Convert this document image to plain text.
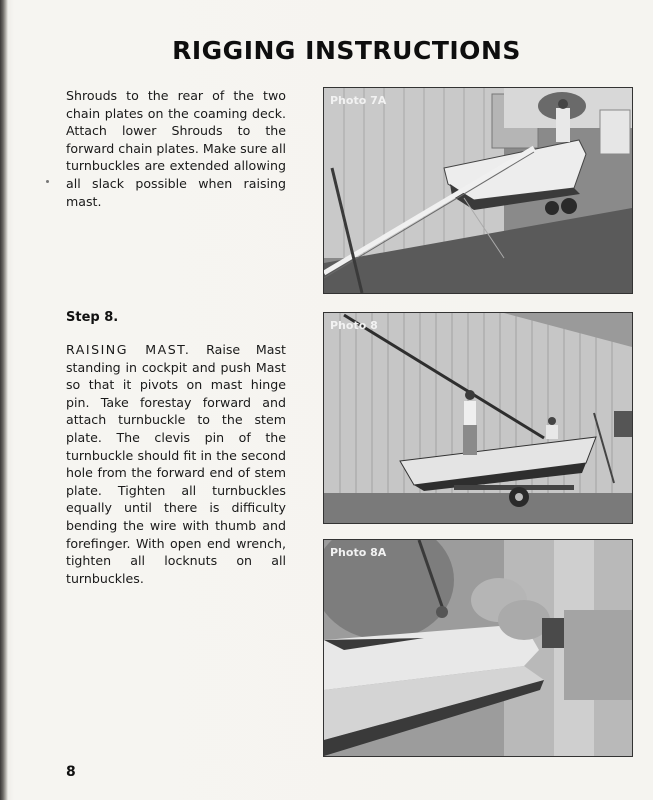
RIGGING INSTRUCTIONS
Shrouds to the rear of the two chain plates on the coaming deck. Attach lower Shrouds to the forward chain plates. Make sure all turnbuckles are extended allowing all slack possible when raising mast.
Step 8.
RAISING MAST. Raise Mast standing in cockpit and push Mast so that it pivots on mast hinge pin. Take forestay forward and attach turnbuckle to the stem plate. The clevis pin of the turnbuckle should fit in the second hole from the forward end of stem plate. Tighten all turnbuckles equally until there is difficulty bending the wire with thumb and forefinger. With open end wrench, tighten all locknuts on all turnbuckles.
Photo 7A
Photo 8
Photo 8A
8
